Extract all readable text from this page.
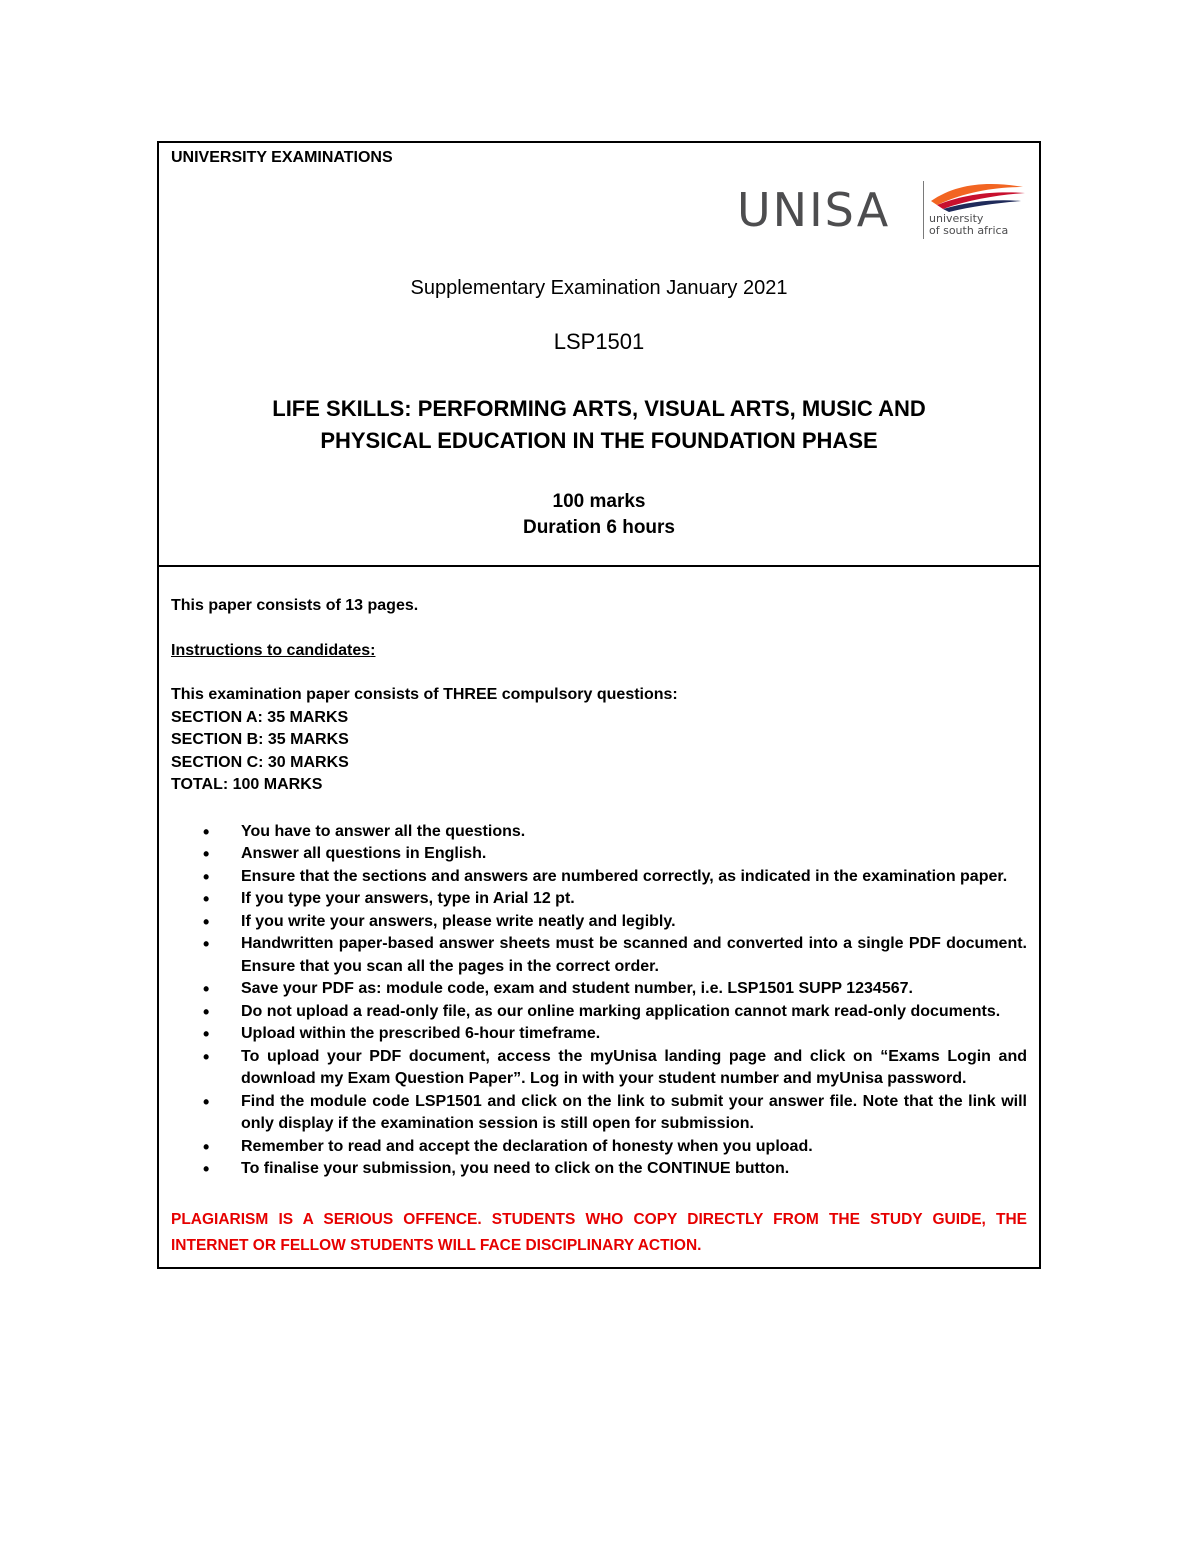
UNIVERSITY EXAMINATIONS
UNISA	university
of south africa
Supplementary Examination January 2021
LSP1501
LIFE SKILLS: PERFORMING ARTS, VISUAL ARTS, MUSIC AND
PHYSICAL EDUCATION IN THE FOUNDATION PHASE
100 marks
Duration 6 hours

This paper consists of 13 pages.

Instructions to candidates:

This examination paper consists of THREE compulsory questions:

SECTION A: 35 MARKS

SECTION B: 35 MARKS

SECTION C: 30 MARKS

TOTAL: 100 MARKS

• You have to answer all the questions.
• Answer all questions in English.
• Ensure that the sections and answers are numbered correctly, as indicated in the examination paper.
• If you type your answers, type in Arial 12 pt.
• If you write your answers, please write neatly and legibly.
• Handwritten paper-based answer sheets must be scanned and converted into a single PDF document. Ensure that you scan all the pages in the correct order.
• Save your PDF as: module code, exam and student number, i.e. LSP1501 SUPP 1234567.
• Do not upload a read-only file, as our online marking application cannot mark read-only documents.
• Upload within the prescribed 6-hour timeframe.
• To upload your PDF document, access the myUnisa landing page and click on “Exams Login and download my Exam Question Paper”. Log in with your student number and myUnisa password.
• Find the module code LSP1501 and click on the link to submit your answer file. Note that the link will only display if the examination session is still open for submission.
• Remember to read and accept the declaration of honesty when you upload.
• To finalise your submission, you need to click on the CONTINUE button.

PLAGIARISM IS A SERIOUS OFFENCE. STUDENTS WHO COPY DIRECTLY FROM THE STUDY GUIDE, THE INTERNET OR FELLOW STUDENTS WILL FACE DISCIPLINARY ACTION.
